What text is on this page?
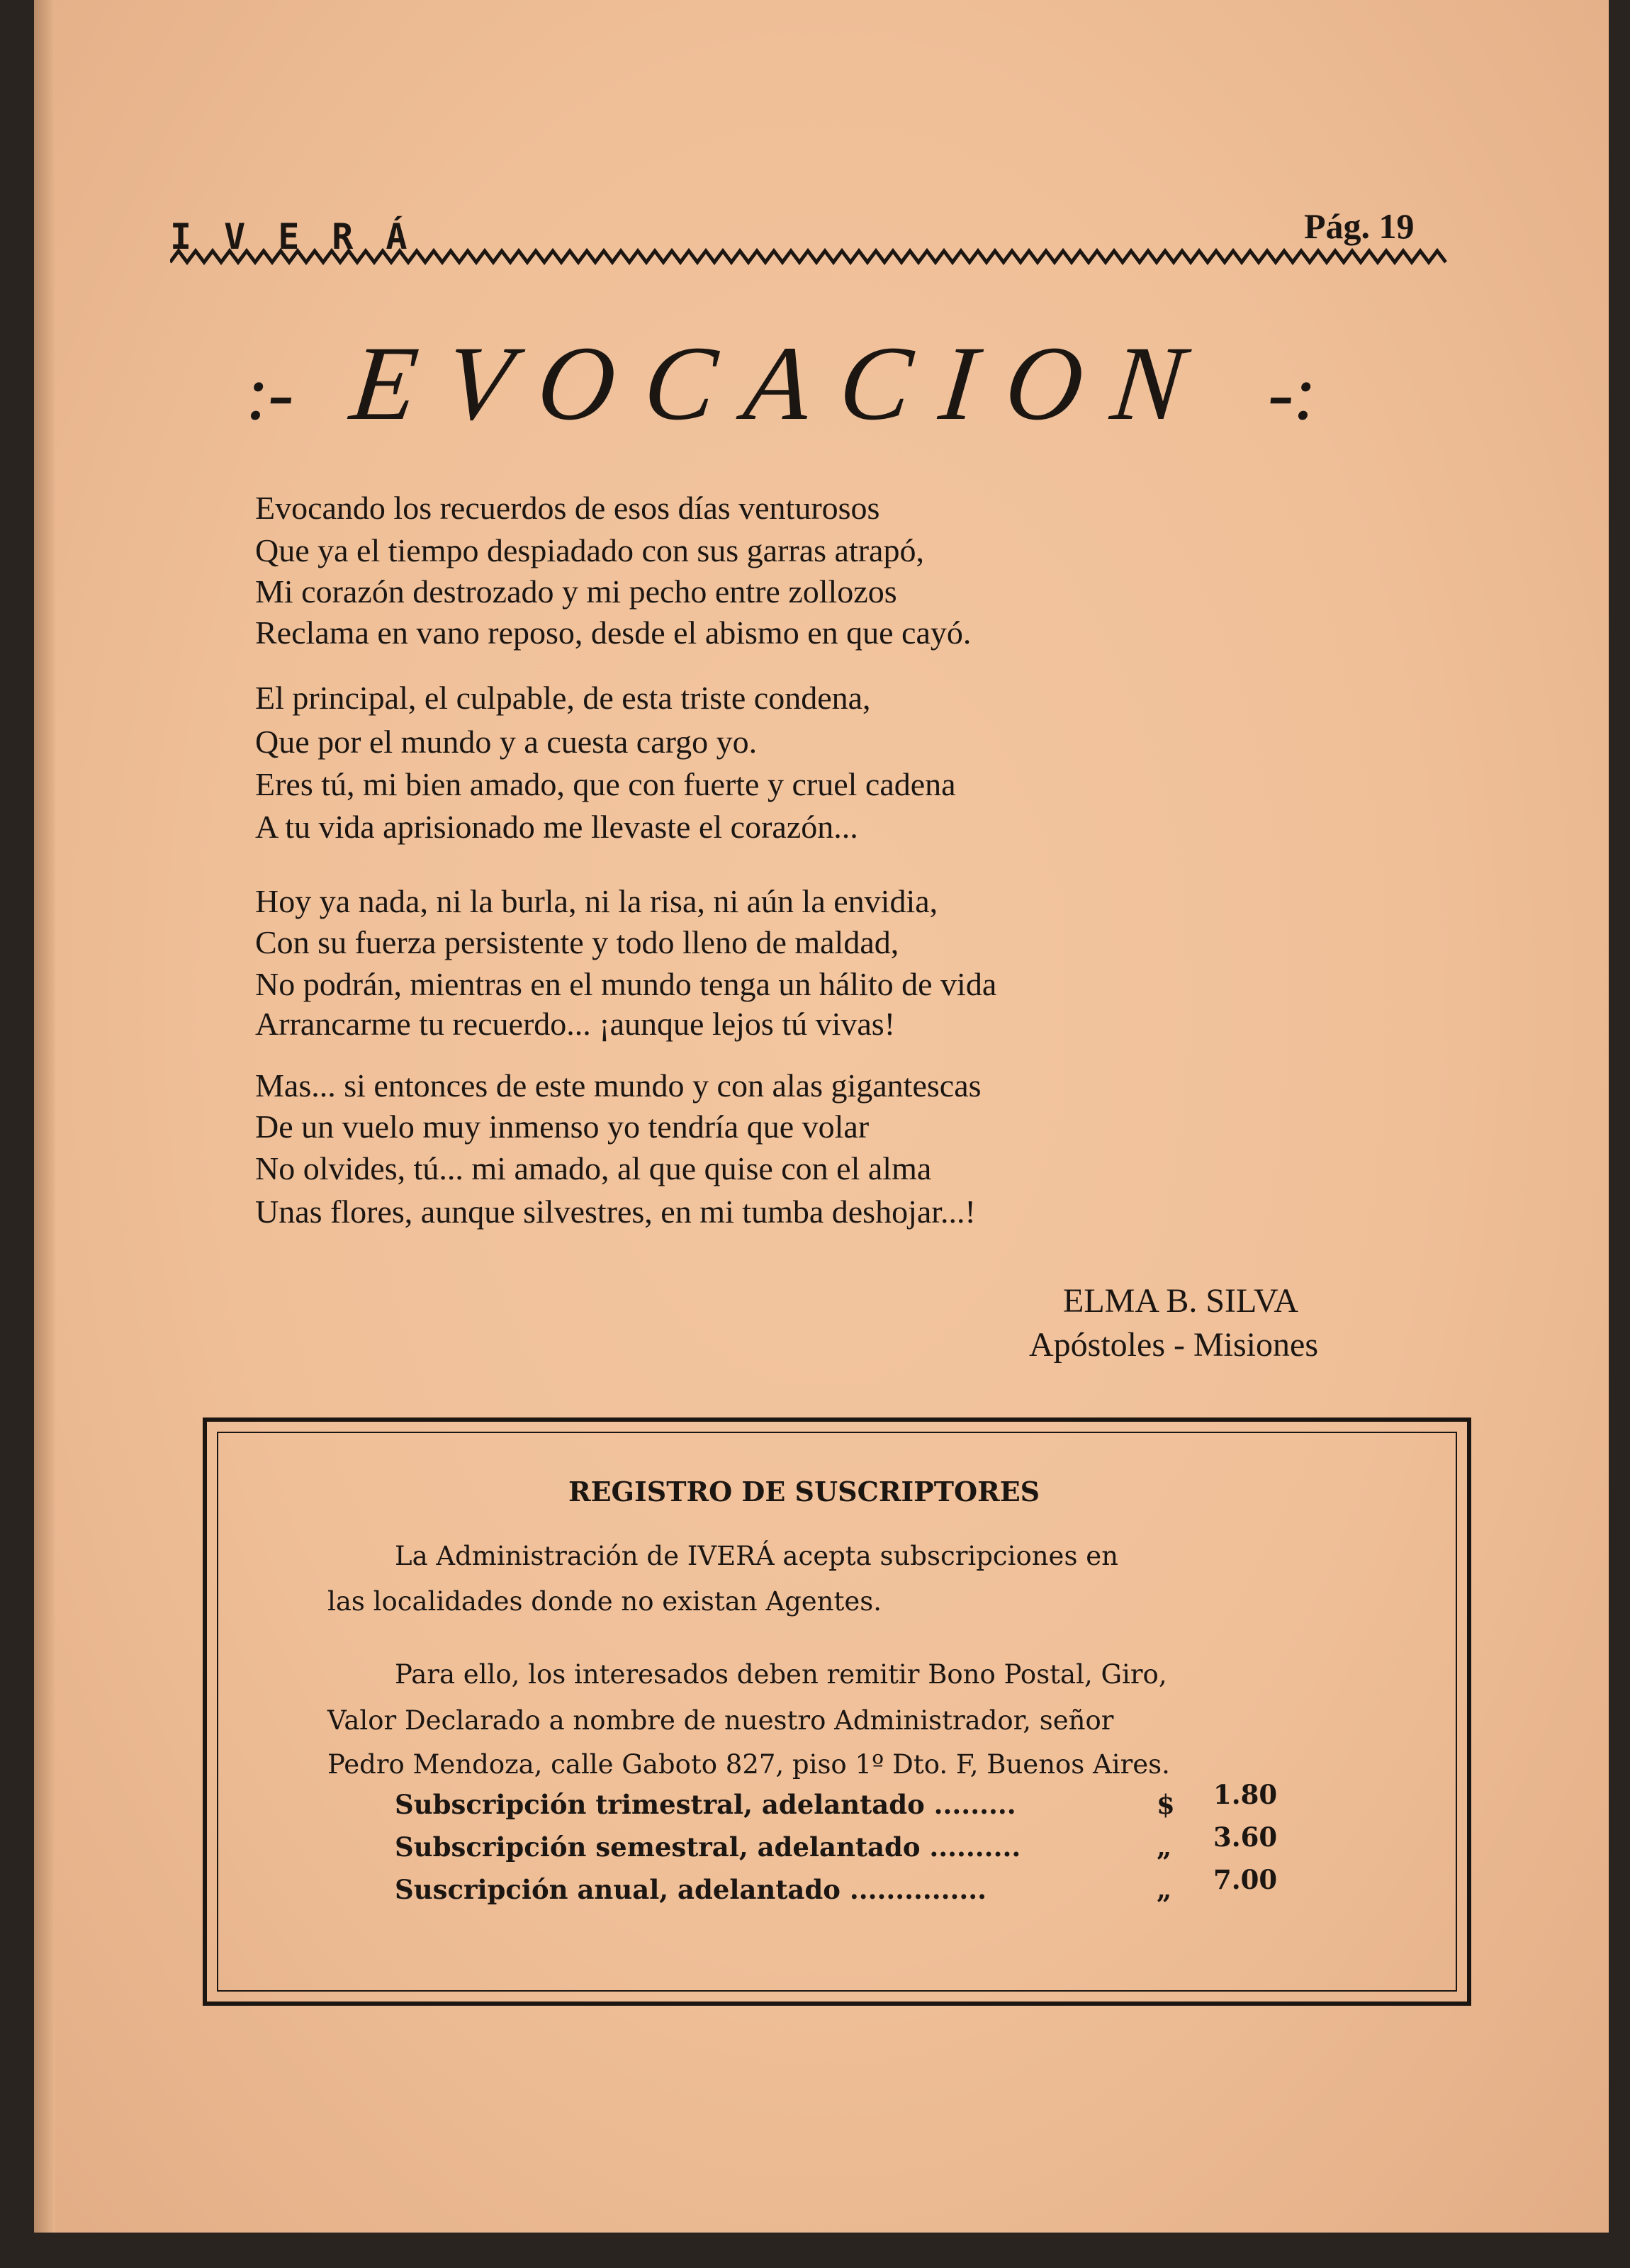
IVERÁ	Pág. 19
:- EVOCACION -:
Evocando los recuerdos de esos días venturosos
Que ya el tiempo despiadado con sus garras atrapó,
Mi corazón destrozado y mi pecho entre zollozos
Reclama en vano reposo, desde el abismo en que cayó.
El principal, el culpable, de esta triste condena,
Que por el mundo y a cuesta cargo yo.
Eres tú, mi bien amado, que con fuerte y cruel cadena
A tu vida aprisionado me llevaste el corazón...
Hoy ya nada, ni la burla, ni la risa, ni aún la envidia,
Con su fuerza persistente y todo lleno de maldad,
No podrán, mientras en el mundo tenga un hálito de vida
Arrancarme tu recuerdo... ¡aunque lejos tú vivas!
Mas... si entonces de este mundo y con alas gigantescas
De un vuelo muy inmenso yo tendría que volar
No olvides, tú... mi amado, al que quise con el alma
Unas flores, aunque silvestres, en mi tumba deshojar...!
ELMA B. SILVA
Apóstoles - Misiones
REGISTRO DE SUSCRIPTORES
La Administración de IVERÁ acepta subscripciones en
las localidades donde no existan Agentes.
Para ello, los interesados deben remitir Bono Postal, Giro,
Valor Declarado a nombre de nuestro Administrador, señor
Pedro Mendoza, calle Gaboto 827, piso 1º Dto. F, Buenos Aires.
Subscripción trimestral, adelantado .........	$ 1.80
Subscripción semestral, adelantado ..........	„ 3.60
Suscripción anual, adelantado ...............	„ 7.00
